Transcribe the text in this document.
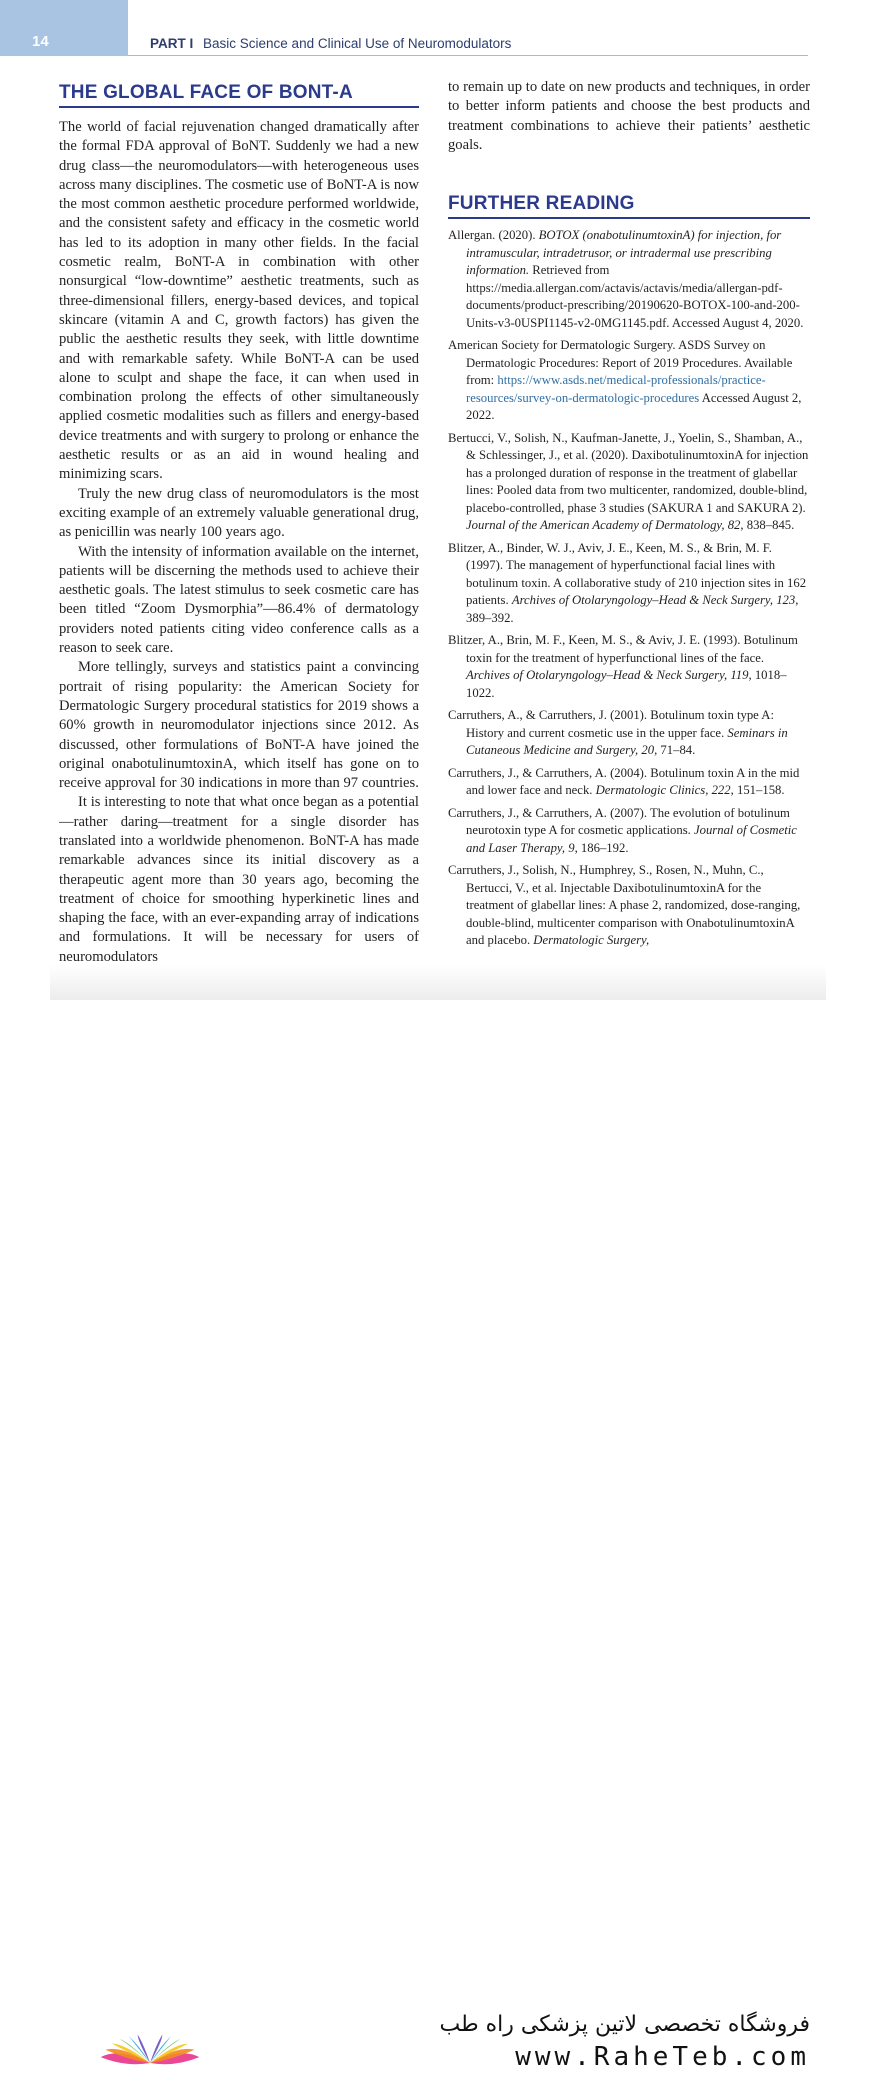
14	PART I Basic Science and Clinical Use of Neuromodulators
THE GLOBAL FACE OF BONT-A

The world of facial rejuvenation changed dramatically after the formal FDA approval of BoNT. Suddenly we had a new drug class—the neuromodulators—with heterogeneous uses across many disciplines. The cosmetic use of BoNT-A is now the most common aesthetic procedure performed worldwide, and the consistent safety and efficacy in the cosmetic world has led to its adoption in many other fields. In the facial cosmetic realm, BoNT-A in combination with other nonsurgical “low-downtime” aesthetic treatments, such as three-dimensional fillers, energy-based devices, and topical skincare (vitamin A and C, growth factors) has given the public the aesthetic results they seek, with little downtime and with remarkable safety. While BoNT-A can be used alone to sculpt and shape the face, it can when used in combination prolong the effects of other simultaneously applied cosmetic modalities such as fillers and energy-based device treatments and with surgery to prolong or enhance the aesthetic results or as an aid in wound healing and minimizing scars.

Truly the new drug class of neuromodulators is the most exciting example of an extremely valuable generational drug, as penicillin was nearly 100 years ago.

With the intensity of information available on the internet, patients will be discerning the methods used to achieve their aesthetic goals. The latest stimulus to seek cosmetic care has been titled “Zoom Dysmorphia”—86.4% of dermatology providers noted patients citing video conference calls as a reason to seek care.

More tellingly, surveys and statistics paint a convincing portrait of rising popularity: the American Society for Dermatologic Surgery procedural statistics for 2019 shows a 60% growth in neuromodulator injections since 2012. As discussed, other formulations of BoNT-A have joined the original onabotulinumtoxinA, which itself has gone on to receive approval for 30 indications in more than 97 countries.

It is interesting to note that what once began as a potential—rather daring—treatment for a single disorder has translated into a worldwide phenomenon. BoNT-A has made remarkable advances since its initial discovery as a therapeutic agent more than 30 years ago, becoming the treatment of choice for smoothing hyperkinetic lines and shaping the face, with an ever-expanding array of indications and formulations. It will be necessary for users of neuromodulators

to remain up to date on new products and techniques, in order to better inform patients and choose the best products and treatment combinations to achieve their patients’ aesthetic goals.

FURTHER READING
Allergan. (2020). BOTOX (onabotulinumtoxinA) for injection, for intramuscular, intradetrusor, or intradermal use prescribing information. Retrieved from https://media.allergan.com/actavis/actavis/media/allergan-pdf-documents/product-prescribing/20190620-BOTOX-100-and-200-Units-v3-0USPI1145-v2-0MG1145.pdf. Accessed August 4, 2020.
American Society for Dermatologic Surgery. ASDS Survey on Dermatologic Procedures: Report of 2019 Procedures. Available from: https://www.asds.net/medical-professionals/practice-resources/survey-on-dermatologic-procedures Accessed August 2, 2022.
Bertucci, V., Solish, N., Kaufman-Janette, J., Yoelin, S., Shamban, A., & Schlessinger, J., et al. (2020). DaxibotulinumtoxinA for injection has a prolonged duration of response in the treatment of glabellar lines: Pooled data from two multicenter, randomized, double-blind, placebo-controlled, phase 3 studies (SAKURA 1 and SAKURA 2). Journal of the American Academy of Dermatology, 82, 838–845.
Blitzer, A., Binder, W. J., Aviv, J. E., Keen, M. S., & Brin, M. F. (1997). The management of hyperfunctional facial lines with botulinum toxin. A collaborative study of 210 injection sites in 162 patients. Archives of Otolaryngology–Head & Neck Surgery, 123, 389–392.
Blitzer, A., Brin, M. F., Keen, M. S., & Aviv, J. E. (1993). Botulinum toxin for the treatment of hyperfunctional lines of the face. Archives of Otolaryngology–Head & Neck Surgery, 119, 1018–1022.
Carruthers, A., & Carruthers, J. (2001). Botulinum toxin type A: History and current cosmetic use in the upper face. Seminars in Cutaneous Medicine and Surgery, 20, 71–84.
Carruthers, J., & Carruthers, A. (2004). Botulinum toxin A in the mid and lower face and neck. Dermatologic Clinics, 222, 151–158.
Carruthers, J., & Carruthers, A. (2007). The evolution of botulinum neurotoxin type A for cosmetic applications. Journal of Cosmetic and Laser Therapy, 9, 186–192.
Carruthers, J., Solish, N., Humphrey, S., Rosen, N., Muhn, C., Bertucci, V., et al. Injectable DaxibotulinumtoxinA for the treatment of glabellar lines: A phase 2, randomized, dose-ranging, double-blind, multicenter comparison with OnabotulinumtoxinA and placebo. Dermatologic Surgery,
فروشگاه تخصصی لاتین پزشکی راه طب
www.RaheTeb.com
